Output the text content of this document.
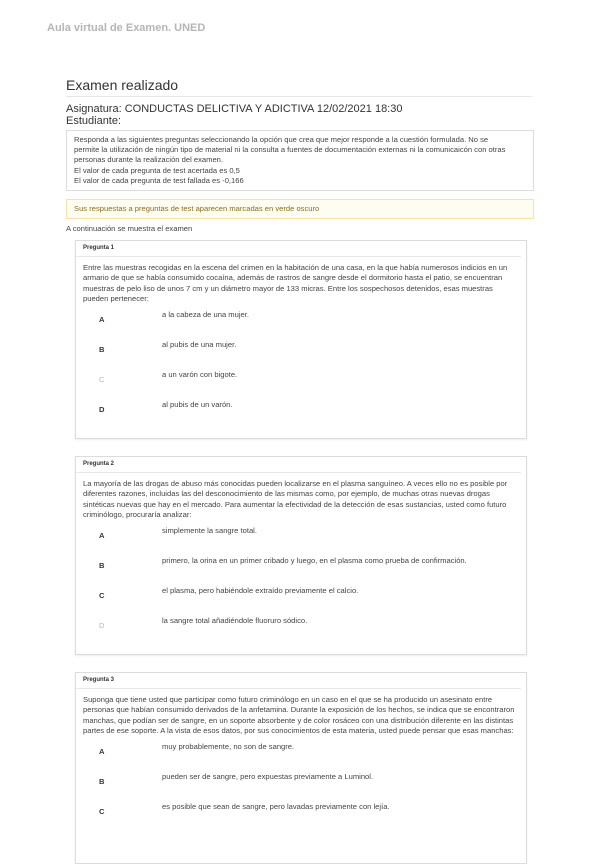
Aula virtual de Examen. UNED
Examen realizado
Asignatura: CONDUCTAS DELICTIVA Y ADICTIVA 12/02/2021 18:30
Estudiante:
Responda a las siguientes preguntas seleccionando la opción que crea que mejor responde a la cuestión formulada. No se
permite la utilización de ningún tipo de material ni la consulta a fuentes de documentación externas ni la comunicaicón con otras
personas durante la realización del examen.
El valor de cada pregunta de test acertada es 0,5
El valor de cada pregunta de test fallada es -0,166
Sus respuestas a preguntas de test aparecen marcadas en verde oscuro
A continuación se muestra el examen
Pregunta 1
Entre las muestras recogidas en la escena del crimen en la habitación de una casa, en la que había numerosos indicios en un armario de que se había consumido cocaína, además de rastros de sangre desde el dormitorio hasta el patio, se encuentran muestras de pelo liso de unos 7 cm y un diámetro mayor de 133 micras. Entre los sospechosos detenidos, esas muestras pueden pertenecer:
A
a la cabeza de una mujer.
B
al pubis de una mujer.
C
a un varón con bigote.
D
al pubis de un varón.
Pregunta 2
La mayoría de las drogas de abuso más conocidas pueden localizarse en el plasma sanguíneo. A veces ello no es posible por diferentes razones, incluidas las del desconocimiento de las mismas como, por ejemplo, de muchas otras nuevas drogas sintéticas nuevas que hay en el mercado. Para aumentar la efectividad de la detección de esas sustancias, usted como futuro criminólogo, procuraría analizar:
A
simplemente la sangre total.
B
primero, la orina en un primer cribado y luego, en el plasma como prueba de confirmación.
C
el plasma, pero habiéndole extraído previamente el calcio.
D
la sangre total añadiéndole fluoruro sódico.
Pregunta 3
Suponga que tiene usted que participar como futuro criminólogo en un caso en el que se ha producido un asesinato entre personas que habían consumido derivados de la anfetamina. Durante la exposición de los hechos, se indica que se encontraron manchas, que podían ser de sangre, en un soporte absorbente y de color rosáceo con una distribución diferente en las distintas partes de ese soporte. A la vista de esos datos, por sus conocimientos de esta materia, usted puede pensar que esas manchas:
A
muy probablemente, no son de sangre.
B
pueden ser de sangre, pero expuestas previamente a Luminol.
C
es posible que sean de sangre, pero lavadas previamente con lejía.
